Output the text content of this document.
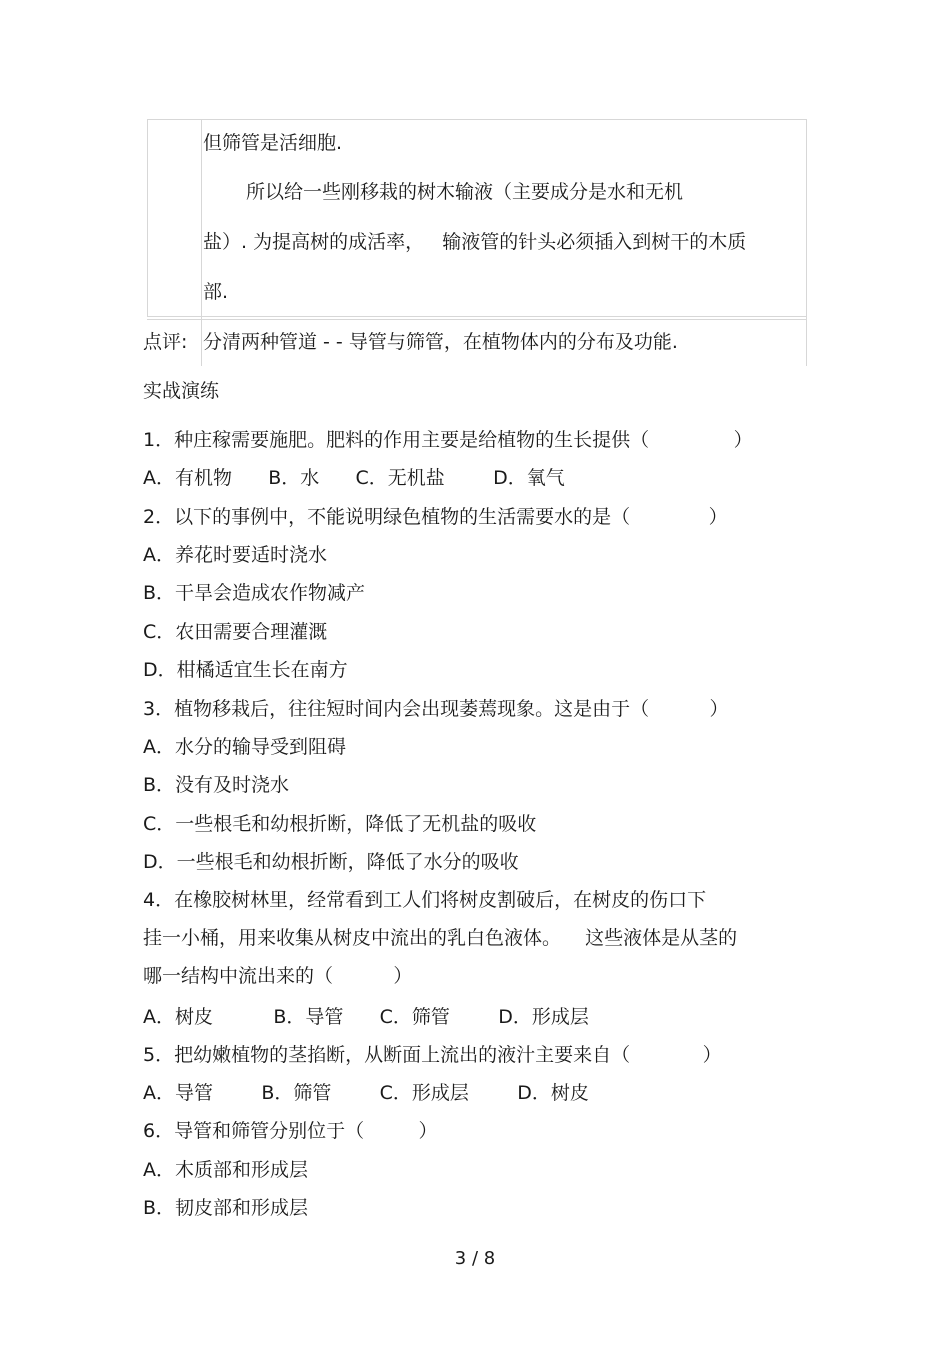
但筛管是活细胞.
所以给一些刚移栽的树木输液（主要成分是水和无机
盐）. 为提高树的成活率，   输液管的针头必须插入到树干的木质
部.
点评: 分清两种管道 - - 导管与筛管，在植物体内的分布及功能.
实战演练
1．种庄稼需要施肥。肥料的作用主要是给植物的生长提供（              ）
A．有机物      B．水      C．无机盐        D．氧气
2．以下的事例中，不能说明绿色植物的生活需要水的是（             ）
A．养花时要适时浇水
B．干旱会造成农作物减产
C．农田需要合理灌溉
D．柑橘适宜生长在南方
3．植物移栽后，往往短时间内会出现萎蔫现象。这是由于（          ）
A．水分的输导受到阻碍
B．没有及时浇水
C．一些根毛和幼根折断，降低了无机盐的吸收
D．一些根毛和幼根折断，降低了水分的吸收
4．在橡胶树林里，经常看到工人们将树皮割破后，在树皮的伤口下
挂一小桶，用来收集从树皮中流出的乳白色液体。    这些液体是从茎的
哪一结构中流出来的（          ）
A．树皮          B．导管      C．筛管        D．形成层
5．把幼嫩植物的茎掐断，从断面上流出的液汁主要来自（            ）
A．导管        B．筛管        C．形成层        D．树皮
6．导管和筛管分别位于（         ）
A．木质部和形成层
B．韧皮部和形成层
3 / 8
